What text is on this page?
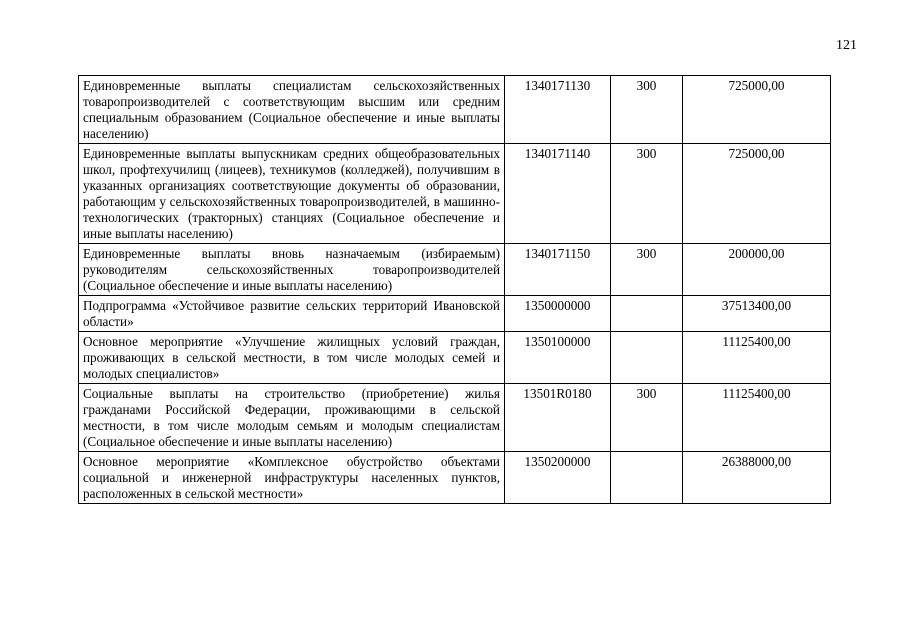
121
Единовременные выплаты специалистам сельскохозяйственных товаропроизводителей с соответствующим высшим или средним специальным образованием (Социальное обеспечение и иные выплаты населению)	1340171130	300	725000,00
Единовременные выплаты выпускникам средних общеобразовательных школ, профтехучилищ (лицеев), техникумов (колледжей), получившим в указанных организациях соответствующие документы об образовании, работающим у сельскохозяйственных товаропроизводителей, в машинно-технологических (тракторных) станциях (Социальное обеспечение и иные выплаты населению)	1340171140	300	725000,00
Единовременные выплаты вновь назначаемым (избираемым) руководителям сельскохозяйственных товаропроизводителей (Социальное обеспечение и иные выплаты населению)	1340171150	300	200000,00
Подпрограмма «Устойчивое развитие сельских территорий Ивановской области»	1350000000		37513400,00
Основное мероприятие «Улучшение жилищных условий граждан, проживающих в сельской местности, в том числе молодых семей и молодых специалистов»	1350100000		11125400,00
Социальные выплаты на строительство (приобретение) жилья гражданами Российской Федерации, проживающими в сельской местности, в том числе молодым семьям и молодым специалистам (Социальное обеспечение и иные выплаты населению)	13501R0180	300	11125400,00
Основное мероприятие «Комплексное обустройство объектами социальной и инженерной инфраструктуры населенных пунктов, расположенных в сельской местности»	1350200000		26388000,00
